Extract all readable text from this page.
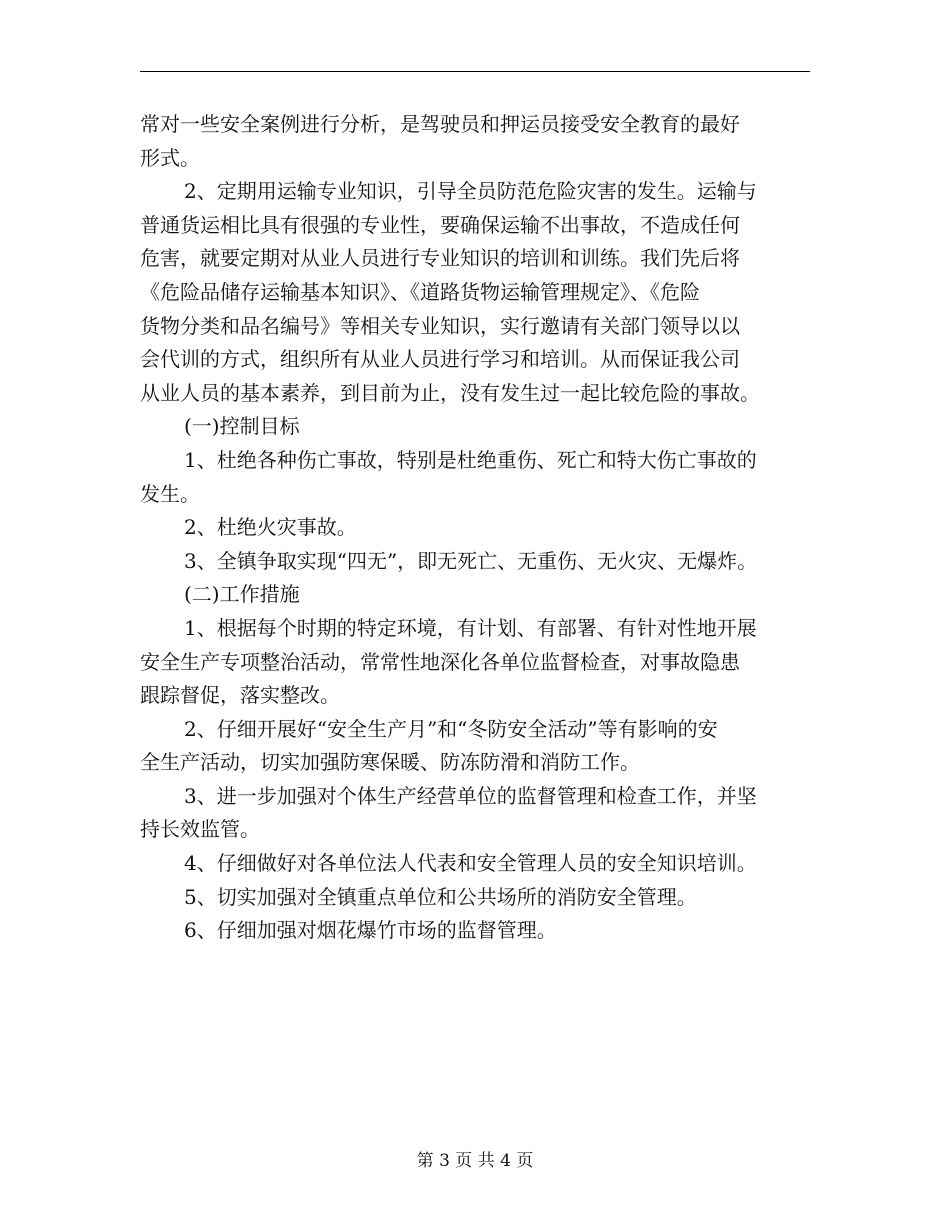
常对一些安全案例进行分析，是驾驶员和押运员接受安全教育的最好
形式。
2、定期用运输专业知识，引导全员防范危险灾害的发生。运输与
普通货运相比具有很强的专业性，要确保运输不出事故，不造成任何
危害，就要定期对从业人员进行专业知识的培训和训练。我们先后将
《危险品储存运输基本知识》、《道路货物运输管理规定》、《危险
货物分类和品名编号》等相关专业知识，实行邀请有关部门领导以以
会代训的方式，组织所有从业人员进行学习和培训。从而保证我公司
从业人员的基本素养，到目前为止，没有发生过一起比较危险的事故。
(一)控制目标
1、杜绝各种伤亡事故，特别是杜绝重伤、死亡和特大伤亡事故的
发生。
2、杜绝火灾事故。
3、全镇争取实现“四无”，即无死亡、无重伤、无火灾、无爆炸。
(二)工作措施
1、根据每个时期的特定环境，有计划、有部署、有针对性地开展
安全生产专项整治活动，常常性地深化各单位监督检查，对事故隐患
跟踪督促，落实整改。
2、仔细开展好“安全生产月”和“冬防安全活动”等有影响的安
全生产活动，切实加强防寒保暖、防冻防滑和消防工作。
3、进一步加强对个体生产经营单位的监督管理和检查工作，并坚
持长效监管。
4、仔细做好对各单位法人代表和安全管理人员的安全知识培训。
5、切实加强对全镇重点单位和公共场所的消防安全管理。
6、仔细加强对烟花爆竹市场的监督管理。
第 3 页 共 4 页
